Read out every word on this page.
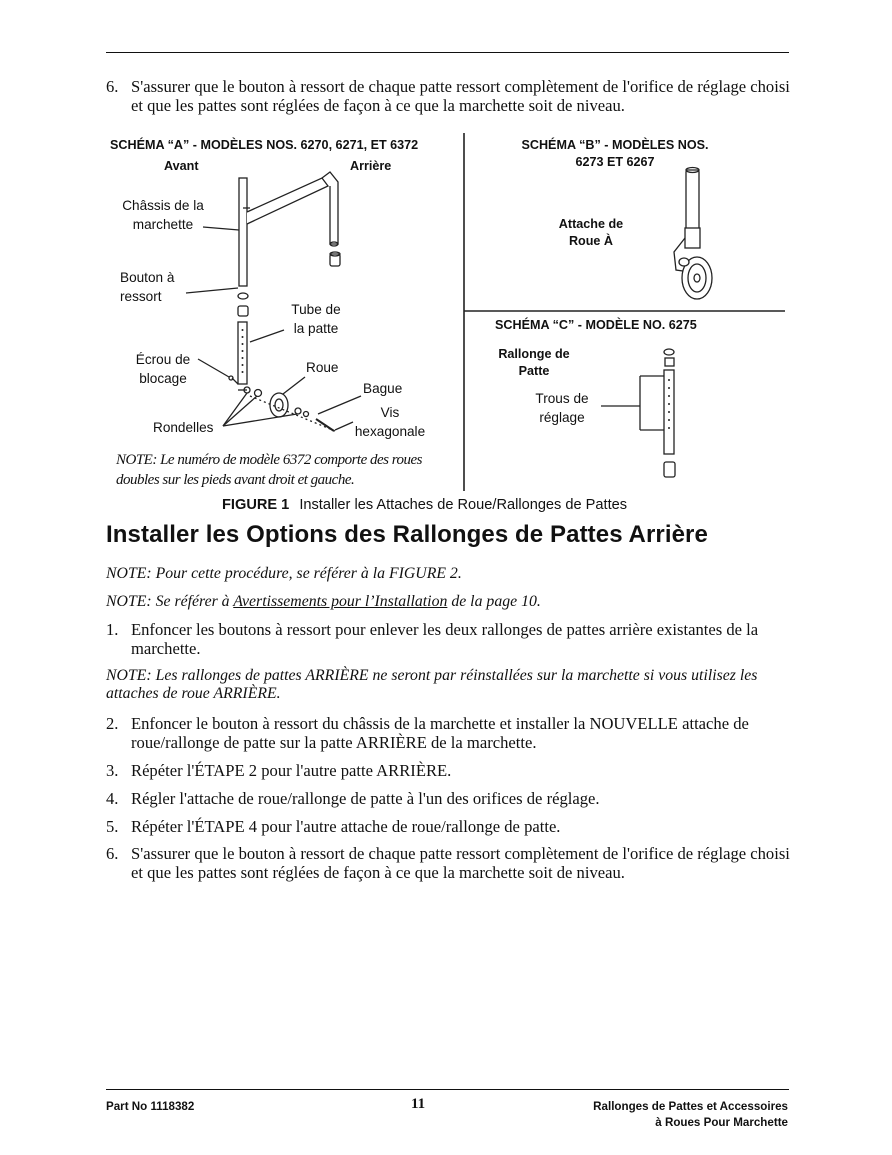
6. S'assurer que le bouton à ressort de chaque patte ressort complètement de l'orifice de réglage choisi et que les pattes sont réglées de façon à ce que la marchette soit de niveau.
SCHÉMA “A” - MODÈLES NOS. 6270, 6271, ET 6372
Avant	Arrière
Châssis de la marchette
Bouton à ressort
Tube de la patte
Écrou de blocage
Roue
Bague
Vis hexagonale
Rondelles
NOTE: Le numéro de modèle 6372 comporte des roues doubles sur les pieds avant droit et gauche.
SCHÉMA “B” - MODÈLES NOS. 6273 ET 6267
Attache de Roue À
SCHÉMA “C” - MODÈLE NO. 6275
Rallonge de Patte
Trous de réglage
FIGURE 1 Installer les Attaches de Roue/Rallonges de Pattes
Installer les Options des Rallonges de Pattes Arrière
NOTE: Pour cette procédure, se référer à la FIGURE 2.
NOTE: Se référer à Avertissements pour l’Installation de la page 10.
1. Enfoncer les boutons à ressort pour enlever les deux rallonges de pattes arrière existantes de la marchette.
NOTE: Les rallonges de pattes ARRIÈRE ne seront par réinstallées sur la marchette si vous utilisez les attaches de roue ARRIÈRE.
2. Enfoncer le bouton à ressort du châssis de la marchette et installer la NOUVELLE attache de roue/rallonge de patte sur la patte ARRIÈRE de la marchette.
3. Répéter l'ÉTAPE 2 pour l'autre patte ARRIÈRE.
4. Régler l'attache de roue/rallonge de patte à l'un des orifices de réglage.
5. Répéter l'ÉTAPE 4 pour l'autre attache de roue/rallonge de patte.
6. S'assurer que le bouton à ressort de chaque patte ressort complètement de l'orifice de réglage choisi et que les pattes sont réglées de façon à ce que la marchette soit de niveau.
Part No 1118382	11	Rallonges de Pattes et Accessoires
à Roues Pour Marchette
